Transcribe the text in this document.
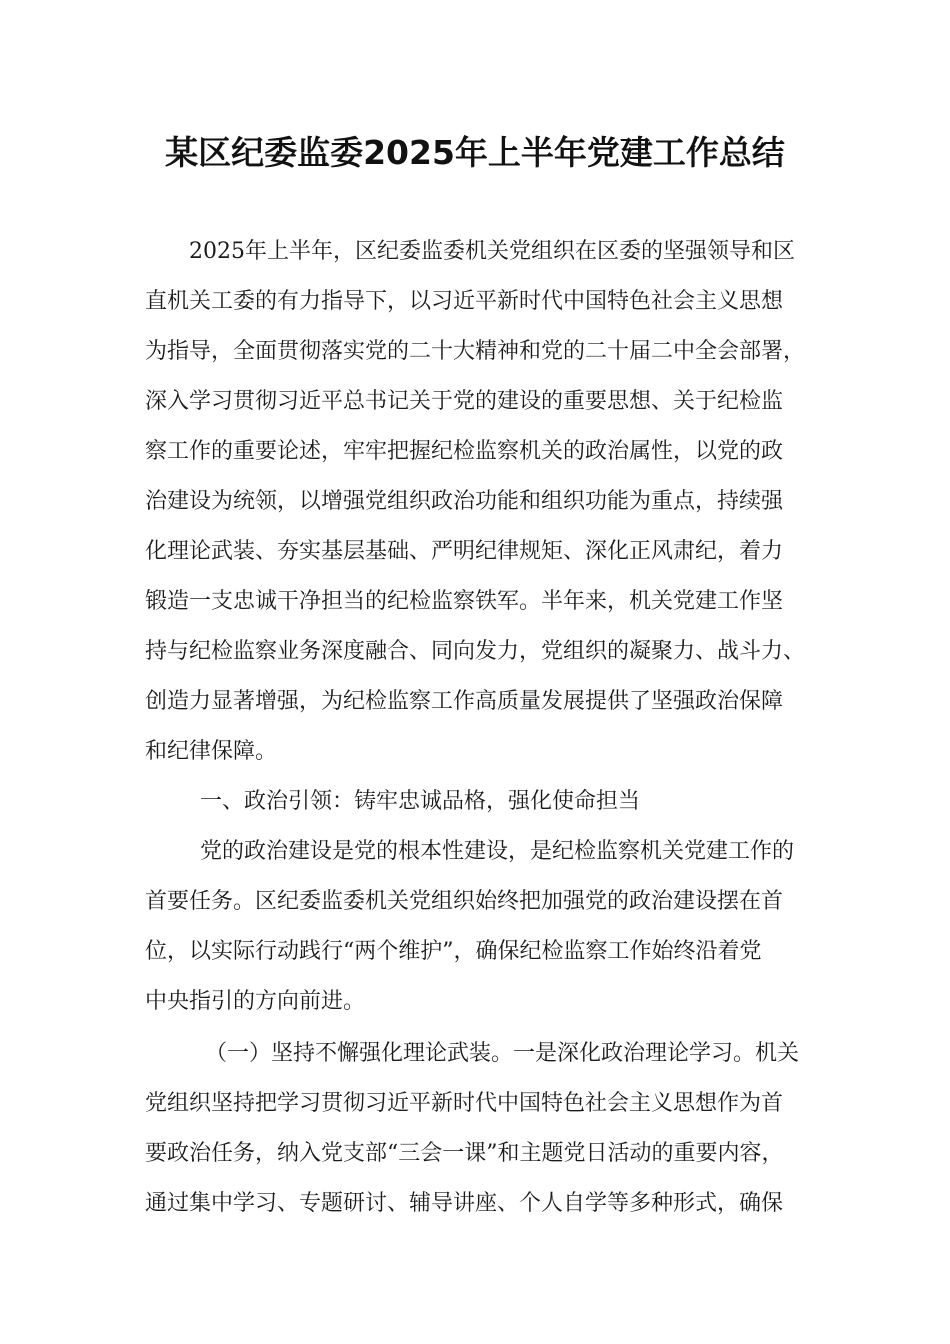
某区纪委监委2025年上半年党建工作总结

2025年上半年，区纪委监委机关党组织在区委的坚强领导和区

直机关工委的有力指导下，以习近平新时代中国特色社会主义思想

为指导，全面贯彻落实党的二十大精神和党的二十届二中全会部署，

深入学习贯彻习近平总书记关于党的建设的重要思想、关于纪检监

察工作的重要论述，牢牢把握纪检监察机关的政治属性，以党的政

治建设为统领，以增强党组织政治功能和组织功能为重点，持续强

化理论武装、夯实基层基础、严明纪律规矩、深化正风肃纪，着力

锻造一支忠诚干净担当的纪检监察铁军。半年来，机关党建工作坚

持与纪检监察业务深度融合、同向发力，党组织的凝聚力、战斗力、

创造力显著增强，为纪检监察工作高质量发展提供了坚强政治保障

和纪律保障。

一、政治引领：铸牢忠诚品格，强化使命担当

党的政治建设是党的根本性建设，是纪检监察机关党建工作的

首要任务。区纪委监委机关党组织始终把加强党的政治建设摆在首

位，以实际行动践行“两个维护”，确保纪检监察工作始终沿着党

中央指引的方向前进。

（一）坚持不懈强化理论武装。一是深化政治理论学习。机关

党组织坚持把学习贯彻习近平新时代中国特色社会主义思想作为首

要政治任务，纳入党支部“三会一课”和主题党日活动的重要内容，

通过集中学习、专题研讨、辅导讲座、个人自学等多种形式，确保
